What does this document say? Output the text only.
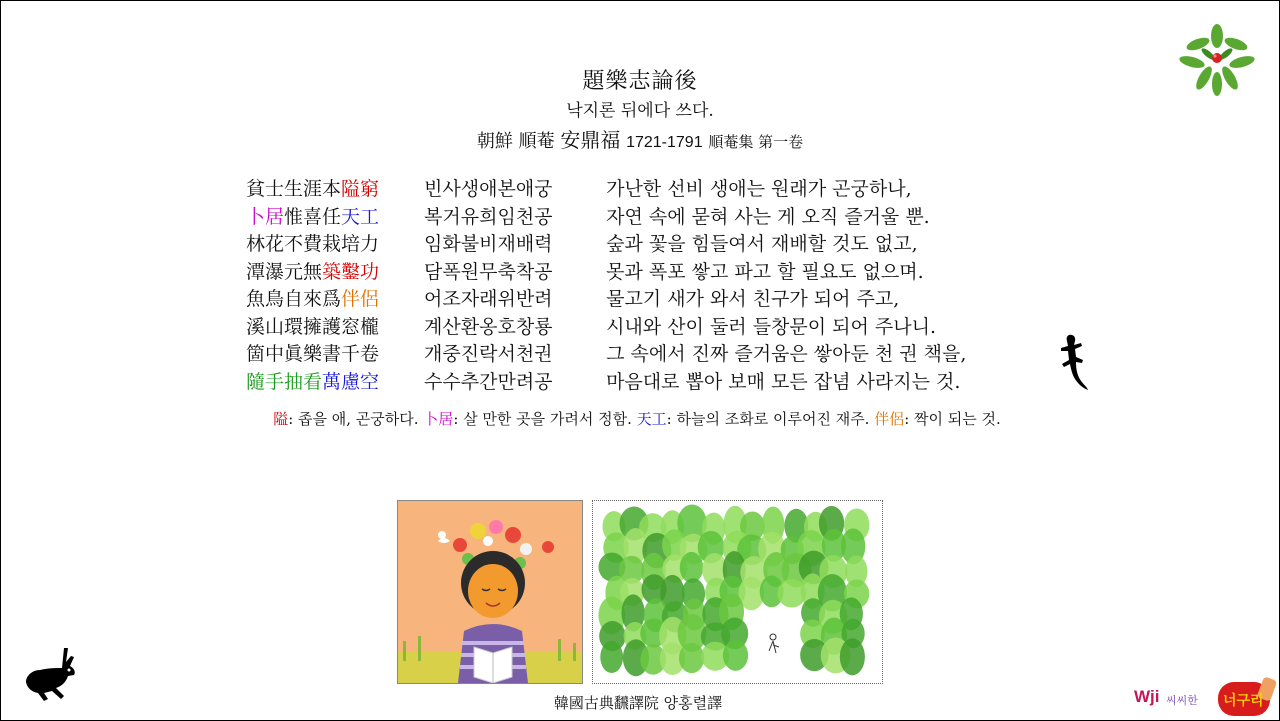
題樂志論後
낙지론 뒤에다 쓰다.
朝鮮 順菴 安鼎福 1721-1791 順菴集 第一卷
貧士生涯本隘窮 빈사생애본애궁	가난한 선비 생애는 원래가 곤궁하나,
卜居惟喜任天工 복거유희임천공	자연 속에 묻혀 사는 게 오직 즐거울 뿐.
林花不費栽培力 임화불비재배력	숲과 꽃을 힘들여서 재배할 것도 없고,
潭瀑元無築鑿功 담폭원무축착공	못과 폭포 쌓고 파고 할 필요도 없으며.
魚鳥自來爲伴侶 어조자래위반려	물고기 새가 와서 친구가 되어 주고,
溪山環擁護窓櫳 계산환옹호창룡	시내와 산이 둘러 들창문이 되어 주나니.
箇中眞樂書千卷 개중진락서천권	그 속에서 진짜 즐거움은 쌓아둔 천 권 책을,
隨手抽看萬慮空 수수추간만려공	마음대로 뽑아 보매 모든 잡념 사라지는 것.
隘: 좁을 애, 곤궁하다. 卜居: 살 만한 곳을 가려서 정함. 天工: 하늘의 조화로 이루어진 재주. 伴侶: 짝이 되는 것.
韓國古典飜譯院 양홍렬譯	Wji 씨씨한 너구리
